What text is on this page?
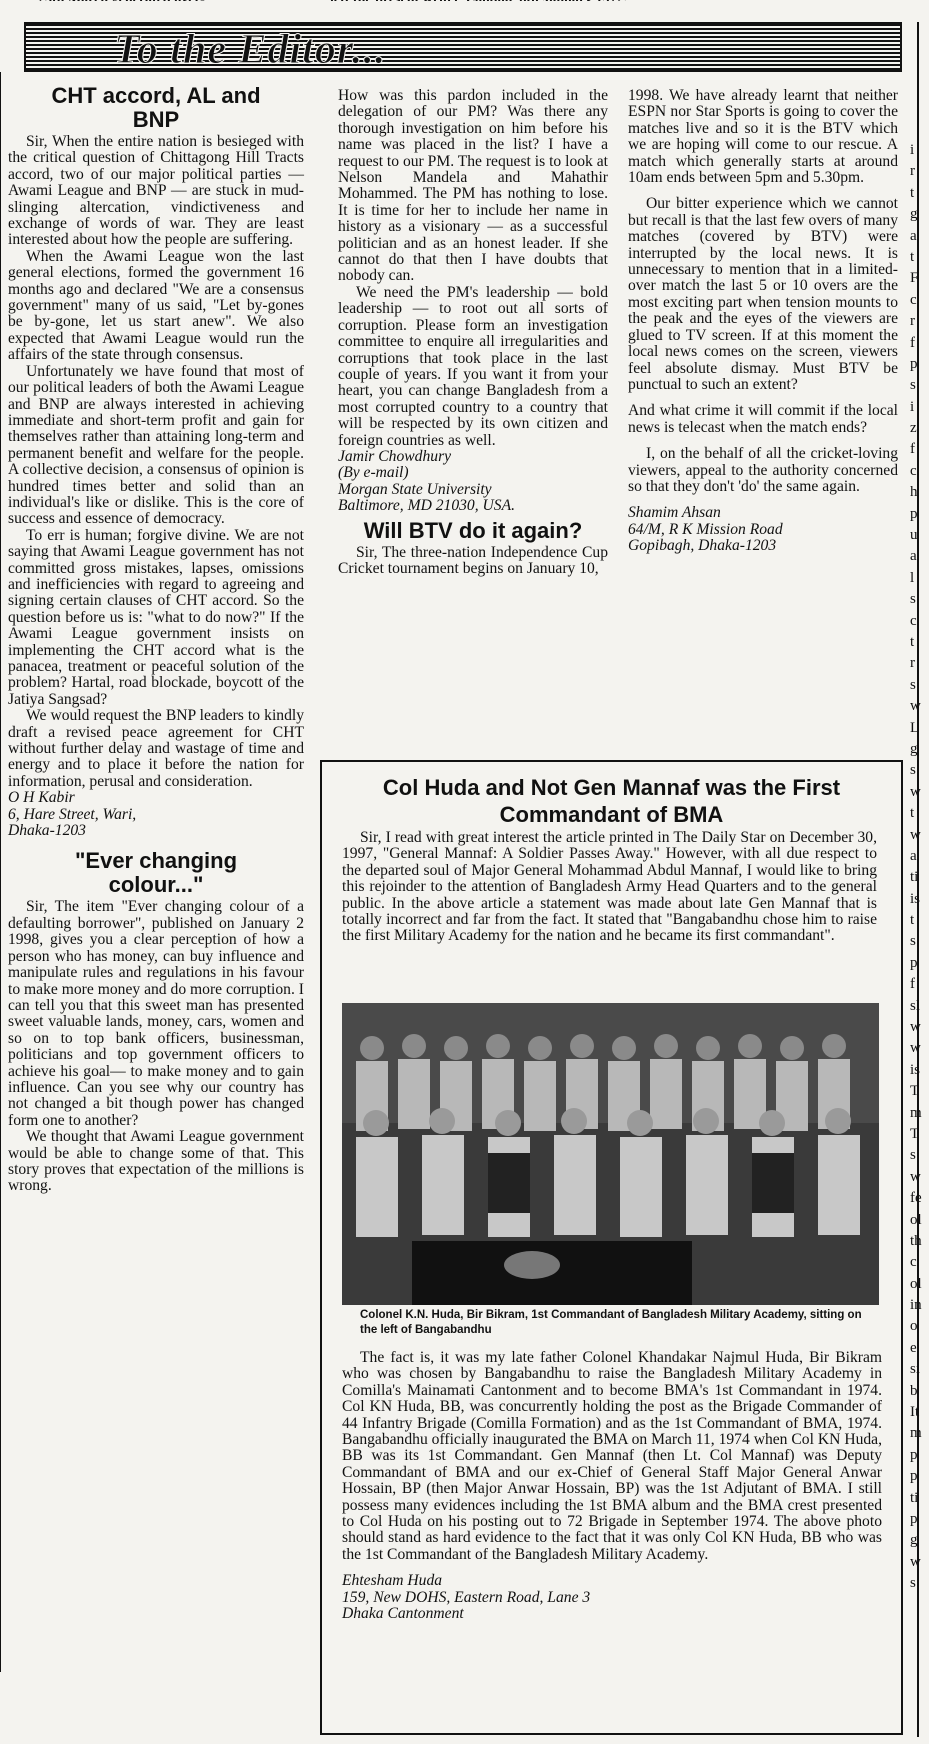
To the Editor...
CHT accord, AL and BNP

Sir, When the entire nation is besieged with the critical question of Chittagong Hill Tracts accord, two of our major political parties — Awami League and BNP — are stuck in mud-slinging altercation, vindictiveness and exchange of words of war. They are least interested about how the people are suffering.

When the Awami League won the last general elections, formed the government 16 months ago and declared "We are a consensus government" many of us said, "Let by-gones be by-gone, let us start anew". We also expected that Awami League would run the affairs of the state through consensus.

Unfortunately we have found that most of our political leaders of both the Awami League and BNP are always interested in achieving immediate and short-term profit and gain for themselves rather than attaining long-term and permanent benefit and welfare for the people. A collective decision, a consensus of opinion is hundred times better and solid than an individual's like or dislike. This is the core of success and essence of democracy.

To err is human; forgive divine. We are not saying that Awami League government has not committed gross mistakes, lapses, omissions and inefficiencies with regard to agreeing and signing certain clauses of CHT accord. So the question before us is: "what to do now?" If the Awami League government insists on implementing the CHT accord what is the panacea, treatment or peaceful solution of the problem? Hartal, road blockade, boycott of the Jatiya Sangsad?

We would request the BNP leaders to kindly draft a revised peace agreement for CHT without further delay and wastage of time and energy and to place it before the nation for information, perusal and consideration.

O H Kabir

6, Hare Street, Wari,

Dhaka-1203

"Ever changing colour..."

Sir, The item "Ever changing colour of a defaulting borrower", published on January 2 1998, gives you a clear perception of how a person who has money, can buy influence and manipulate rules and regulations in his favour to make more money and do more corruption. I can tell you that this sweet man has presented sweet valuable lands, money, cars, women and so on to top bank officers, businessman, politicians and top government officers to achieve his goal— to make money and to gain influence. Can you see why our country has not changed a bit though power has changed form one to another?

We thought that Awami League government would be able to change some of that. This story proves that expectation of the millions is wrong.

How was this pardon included in the delegation of our PM? Was there any thorough investigation on him before his name was placed in the list? I have a request to our PM. The request is to look at Nelson Mandela and Mahathir Mohammed. The PM has nothing to lose. It is time for her to include her name in history as a visionary — as a successful politician and as an honest leader. If she cannot do that then I have doubts that nobody can.

We need the PM's leadership — bold leadership — to root out all sorts of corruption. Please form an investigation committee to enquire all irregularities and corruptions that took place in the last couple of years. If you want it from your heart, you can change Bangladesh from a most corrupted country to a country that will be respected by its own citizen and foreign countries as well.

Jamir Chowdhury

(By e-mail)

Morgan State University

Baltimore, MD 21030, USA.

Will BTV do it again?

Sir, The three-nation Independence Cup Cricket tournament begins on January 10,

1998. We have already learnt that neither ESPN nor Star Sports is going to cover the matches live and so it is the BTV which we are hoping will come to our rescue. A match which generally starts at around 10am ends between 5pm and 5.30pm.

Our bitter experience which we cannot but recall is that the last few overs of many matches (covered by BTV) were interrupted by the local news. It is unnecessary to mention that in a limited-over match the last 5 or 10 overs are the most exciting part when tension mounts to the peak and the eyes of the viewers are glued to TV screen. If at this moment the local news comes on the screen, viewers feel absolute dismay. Must BTV be punctual to such an extent?

And what crime it will commit if the local news is telecast when the match ends?

I, on the behalf of all the cricket-loving viewers, appeal to the authority concerned so that they don't 'do' the same again.

Shamim Ahsan

64/M, R K Mission Road

Gopibagh, Dhaka-1203

Col Huda and Not Gen Mannaf was the First Commandant of BMA

Sir, I read with great interest the article printed in The Daily Star on December 30, 1997, "General Mannaf: A Soldier Passes Away." However, with all due respect to the departed soul of Major General Mohammad Abdul Mannaf, I would like to bring this rejoinder to the attention of Bangladesh Army Head Quarters and to the general public. In the above article a statement was made about late Gen Mannaf that is totally incorrect and far from the fact. It stated that "Bangabandhu chose him to raise the first Military Academy for the nation and he became its first commandant".

Colonel K.N. Huda, Bir Bikram, 1st Commandant of Bangladesh Military Academy, sitting on the left of Bangabandhu

The fact is, it was my late father Colonel Khandakar Najmul Huda, Bir Bikram who was chosen by Bangabandhu to raise the Bangladesh Military Academy in Comilla's Mainamati Cantonment and to become BMA's 1st Commandant in 1974. Col KN Huda, BB, was concurrently holding the post as the Brigade Commander of 44 Infantry Brigade (Comilla Formation) and as the 1st Commandant of BMA, 1974. Bangabandhu officially inaugurated the BMA on March 11, 1974 when Col KN Huda, BB was its 1st Commandant. Gen Mannaf (then Lt. Col Mannaf) was Deputy Commandant of BMA and our ex-Chief of General Staff Major General Anwar Hossain, BP (then Major Anwar Hossain, BP) was the 1st Adjutant of BMA. I still possess many evidences including the 1st BMA album and the BMA crest presented to Col Huda on his posting out to 72 Brigade in September 1974. The above photo should stand as hard evidence to the fact that it was only Col KN Huda, BB who was the 1st Commandant of the Bangladesh Military Academy.

Ehtesham Huda

159, New DOHS, Eastern Road, Lane 3

Dhaka Cantonment

i
r
t
g
a
t
F
c
r
f
p
s
i
z
f
c
h
p
u
a
l
s
c
t
r
s
w
L
g
s
w
t
w
a
ti
is
t
s
p
f
sl
w
w
is
T
m
T
s
w
fe
ol
th
c
ol
in
o
e
si
b
It
m
p
p
ti
p
g
w
s
